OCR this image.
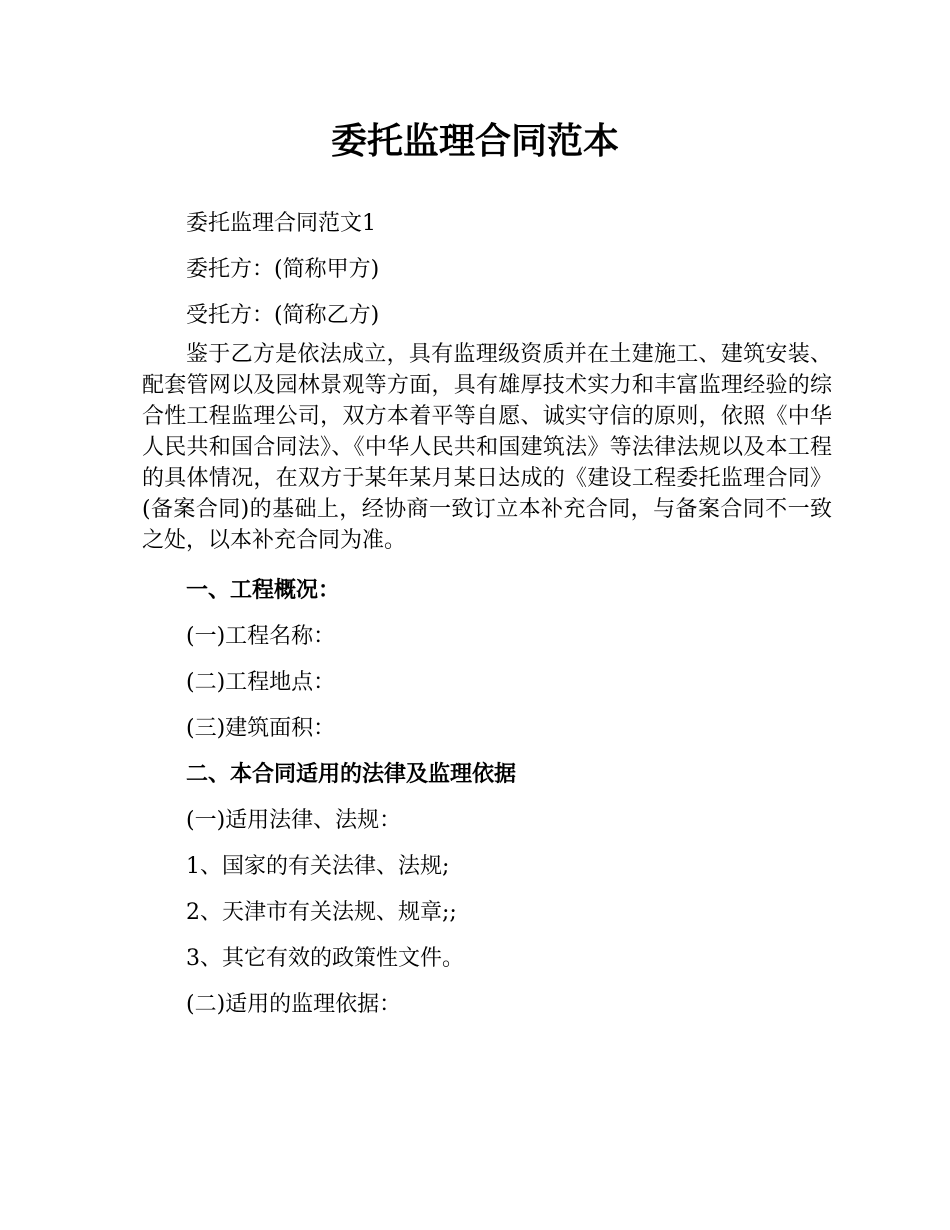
委托监理合同范本

委托监理合同范文1

委托方：(简称甲方)

受托方：(简称乙方)

鉴于乙方是依法成立，具有监理级资质并在土建施工、建筑安装、配套管网以及园林景观等方面，具有雄厚技术实力和丰富监理经验的综合性工程监理公司，双方本着平等自愿、诚实守信的原则，依照《中华人民共和国合同法》、《中华人民共和国建筑法》等法律法规以及本工程的具体情况，在双方于某年某月某日达成的《建设工程委托监理合同》(备案合同)的基础上，经协商一致订立本补充合同，与备案合同不一致之处，以本补充合同为准。

一、工程概况：

(一)工程名称：

(二)工程地点：

(三)建筑面积：

二、本合同适用的法律及监理依据

(一)适用法律、法规：

1、国家的有关法律、法规;

2、天津市有关法规、规章;;

3、其它有效的政策性文件。

(二)适用的监理依据：
